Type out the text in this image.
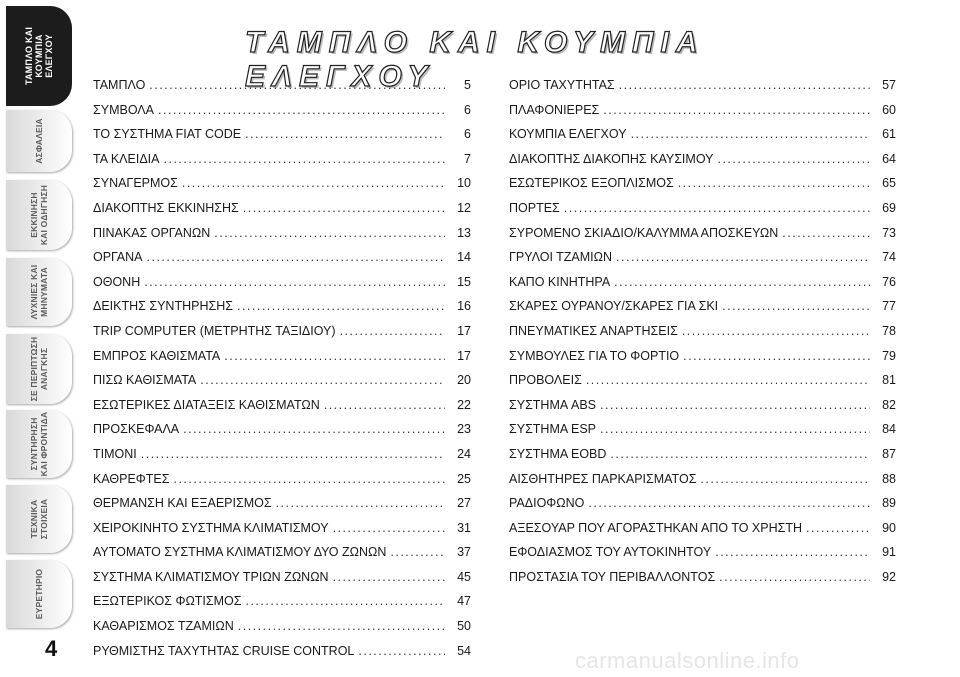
ΤΑΜΠΛΟ ΚΑΙ
ΚΟΥΜΠΙΑ
ΕΛΕΓΧΟΥ
ΑΣΦΑΛΕΙΑ
ΕΚΚΙΝΗΣΗ
ΚΑΙ ΟΔΗΓΗΣΗ
ΛΥΧΝΙΕΣ ΚΑΙ
ΜΗΝΥΜΑΤΑ
ΣΕ ΠΕΡΙΠΤΩΣΗ
ΑΝΑΓΚΗΣ
ΣΥΝΤΗΡΗΣΗ
ΚΑΙ ΦΡΟΝΤΙΔΑ
ΤΕΧΝΙΚΑ
ΣΤΟΙΧΕΙΑ
ΕΥΡΕΤΗΡΙΟ
4
ΤΑΜΠΛΟ ΚΑΙ ΚΟΥΜΠΙΑ ΕΛΕΓΧΟΥ
ΤΑΜΠΛΟ .....	5
ΣΥΜΒΟΛΑ .....	6
ΤΟ ΣΥΣΤΗΜΑ FIAT CODE .....	6
ΤΑ ΚΛΕΙΔΙΑ .....	7
ΣΥΝΑΓΕΡΜΟΣ .....	10
ΔΙΑΚΟΠΤΗΣ ΕΚΚΙΝΗΣΗΣ .....	12
ΠΙΝΑΚΑΣ ΟΡΓΑΝΩΝ .....	13
ΟΡΓΑΝΑ .....	14
ΟΘΟΝΗ .....	15
ΔΕΙΚΤΗΣ ΣΥΝΤΗΡΗΣΗΣ .....	16
TRIP COMPUTER (ΜΕΤΡΗΤΗΣ ΤΑΞΙΔΙΟΥ) .....	17
ΕΜΠΡΟΣ ΚΑΘΙΣΜΑΤΑ .....	17
ΠΙΣΩ ΚΑΘΙΣΜΑΤΑ .....	20
ΕΣΩΤΕΡΙΚΕΣ ΔΙΑΤΑΞΕΙΣ ΚΑΘΙΣΜΑΤΩΝ .....	22
ΠΡΟΣΚΕΦΑΛΑ .....	23
ΤΙΜΟΝΙ .....	24
ΚΑΘΡΕΦΤΕΣ .....	25
ΘΕΡΜΑΝΣΗ ΚΑΙ ΕΞΑΕΡΙΣΜΟΣ .....	27
ΧΕΙΡΟΚΙΝΗΤΟ ΣΥΣΤΗΜΑ ΚΛΙΜΑΤΙΣΜΟΥ .....	31
ΑΥΤΟΜΑΤΟ ΣΥΣΤΗΜΑ ΚΛΙΜΑΤΙΣΜΟΥ ΔΥΟ ΖΩΝΩΝ .....	37
ΣΥΣΤΗΜΑ ΚΛΙΜΑΤΙΣΜΟΥ ΤΡΙΩΝ ΖΩΝΩΝ .....	45
ΕΞΩΤΕΡΙΚΟΣ ΦΩΤΙΣΜΟΣ .....	47
ΚΑΘΑΡΙΣΜΟΣ ΤΖΑΜΙΩΝ .....	50
ΡΥΘΜΙΣΤΗΣ ΤΑΧΥΤΗΤΑΣ CRUISE CONTROL .....	54
ΟΡΙΟ ΤΑΧΥΤΗΤΑΣ .....	57
ΠΛΑΦΟΝΙΕΡΕΣ .....	60
ΚΟΥΜΠΙΑ ΕΛΕΓΧΟΥ .....	61
ΔΙΑΚΟΠΤΗΣ ΔΙΑΚΟΠΗΣ ΚΑΥΣΙΜΟΥ .....	64
ΕΣΩΤΕΡΙΚΟΣ ΕΞΟΠΛΙΣΜΟΣ .....	65
ΠΟΡΤΕΣ .....	69
ΣΥΡΟΜΕΝΟ ΣΚΙΑΔΙΟ/ΚΑΛΥΜΜΑ ΑΠΟΣΚΕΥΩΝ .....	73
ΓΡΥΛΟΙ ΤΖΑΜΙΩΝ .....	74
ΚΑΠΟ ΚΙΝΗΤΗΡΑ .....	76
ΣΚΑΡΕΣ ΟΥΡΑΝΟΥ/ΣΚΑΡΕΣ ΓΙΑ ΣΚΙ .....	77
ΠΝΕΥΜΑΤΙΚΕΣ ΑΝΑΡΤΗΣΕΙΣ .....	78
ΣΥΜΒΟΥΛΕΣ ΓΙΑ ΤΟ ΦΟΡΤΙΟ .....	79
ΠΡΟΒΟΛΕΙΣ .....	81
ΣΥΣΤΗΜΑ ABS .....	82
ΣΥΣΤΗΜΑ ESP .....	84
ΣΥΣΤΗΜΑ EOBD .....	87
ΑΙΣΘΗΤΗΡΕΣ ΠΑΡΚΑΡΙΣΜΑΤΟΣ .....	88
ΡΑΔΙΟΦΩΝΟ .....	89
ΑΞΕΣΟΥΑΡ ΠΟΥ ΑΓΟΡΑΣΤΗΚΑΝ ΑΠΟ ΤΟ ΧΡΗΣΤΗ .....	90
ΕΦΟΔΙΑΣΜΟΣ ΤΟΥ ΑΥΤΟΚΙΝΗΤΟΥ .....	91
ΠΡΟΣΤΑΣΙΑ ΤΟΥ ΠΕΡΙΒΑΛΛΟΝΤΟΣ .....	92
carmanualsonline.info
